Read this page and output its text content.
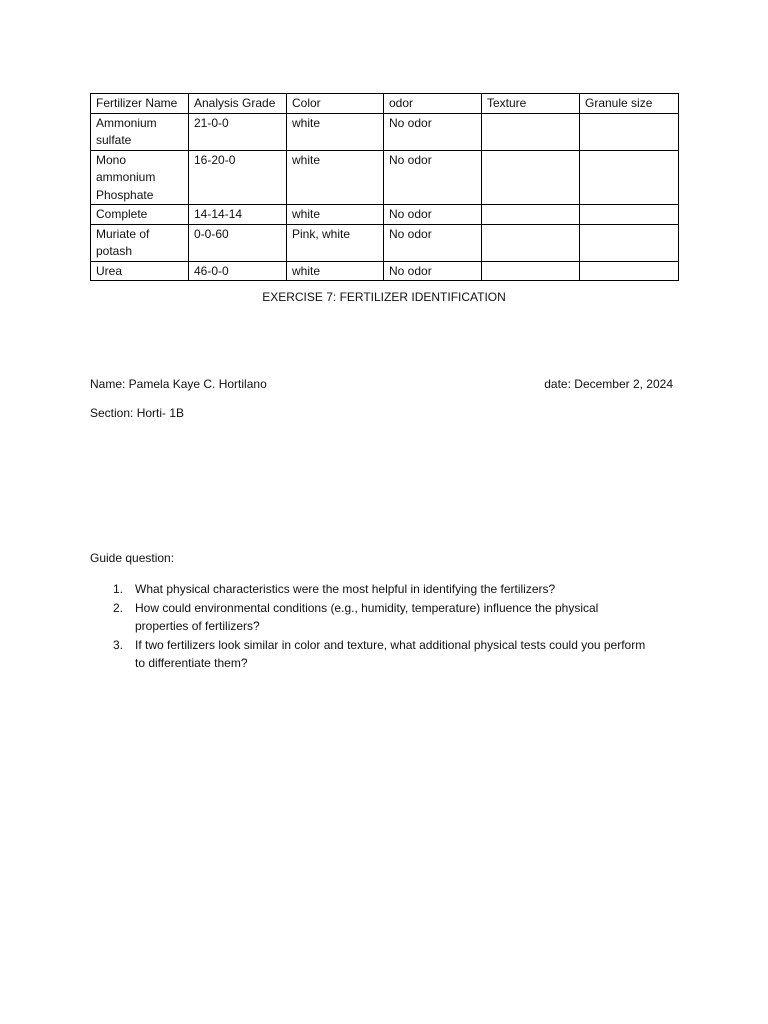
Fertilizer Name	Analysis Grade	Color	odor	Texture	Granule size
Ammonium sulfate	21-0-0	white	No odor		
Mono ammonium Phosphate	16-20-0	white	No odor		
Complete	14-14-14	white	No odor		
Muriate of potash	0-0-60	Pink, white	No odor		
Urea	46-0-0	white	No odor		
EXERCISE 7: FERTILIZER IDENTIFICATION
Name: Pamela Kaye C. Hortilano	date: December 2, 2024
Section: Horti- 1B
Guide question:
1. What physical characteristics were the most helpful in identifying the fertilizers?
2. How could environmental conditions (e.g., humidity, temperature) influence the physical properties of fertilizers?
3. If two fertilizers look similar in color and texture, what additional physical tests could you perform to differentiate them?
